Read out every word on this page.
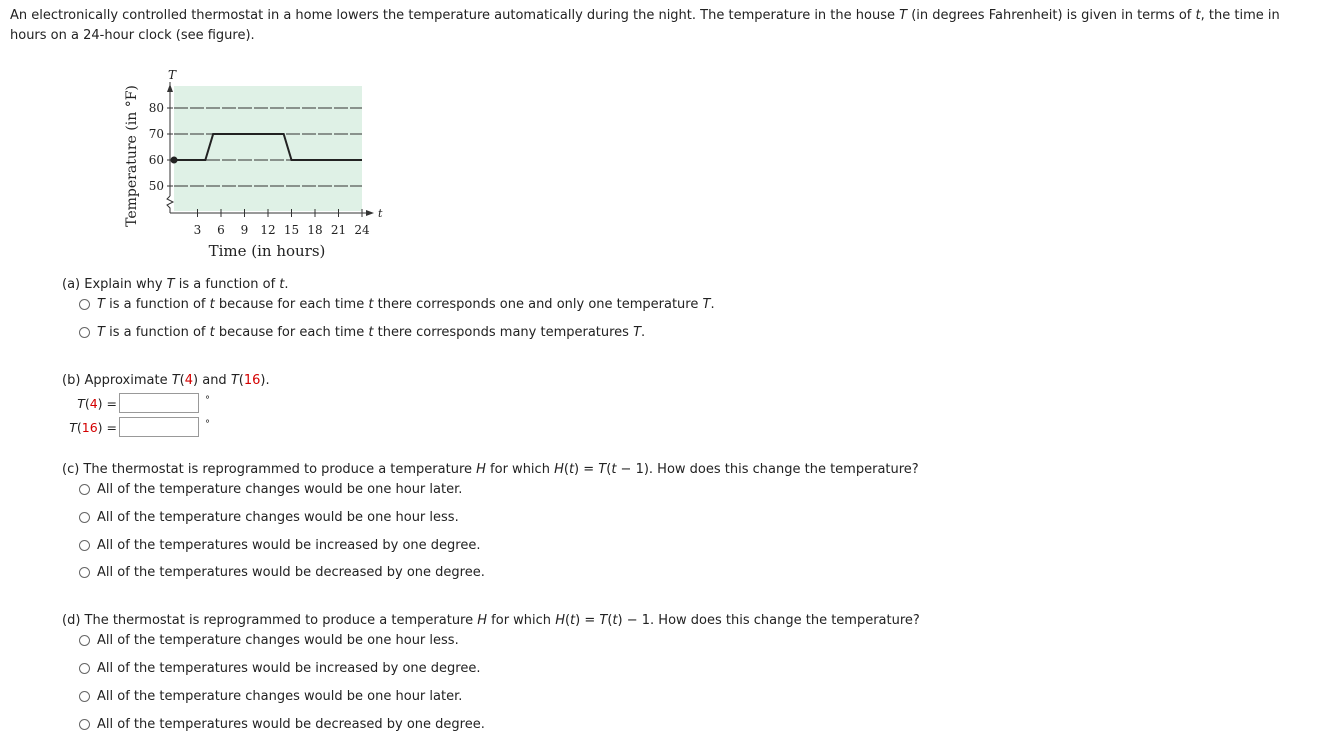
An electronically controlled thermostat in a home lowers the temperature automatically during the night. The temperature in the house T (in degrees Fahrenheit) is given in terms of t, the time in hours on a 24-hour clock (see figure).
50
60
70
80
3 6 9 12 15 18 21 24
T
t
Temperature (in °F)
Time (in hours)
(a) Explain why T is a function of t.
T is a function of t because for each time t there corresponds one and only one temperature T.
T is a function of t because for each time t there corresponds many temperatures T.
(b) Approximate T(4) and T(16).
T(4) =	°
T(16) =	°
(c) The thermostat is reprogrammed to produce a temperature H for which H(t) = T(t − 1). How does this change the temperature?
All of the temperature changes would be one hour later.
All of the temperature changes would be one hour less.
All of the temperatures would be increased by one degree.
All of the temperatures would be decreased by one degree.
(d) The thermostat is reprogrammed to produce a temperature H for which H(t) = T(t) − 1. How does this change the temperature?
All of the temperature changes would be one hour less.
All of the temperatures would be increased by one degree.
All of the temperature changes would be one hour later.
All of the temperatures would be decreased by one degree.
